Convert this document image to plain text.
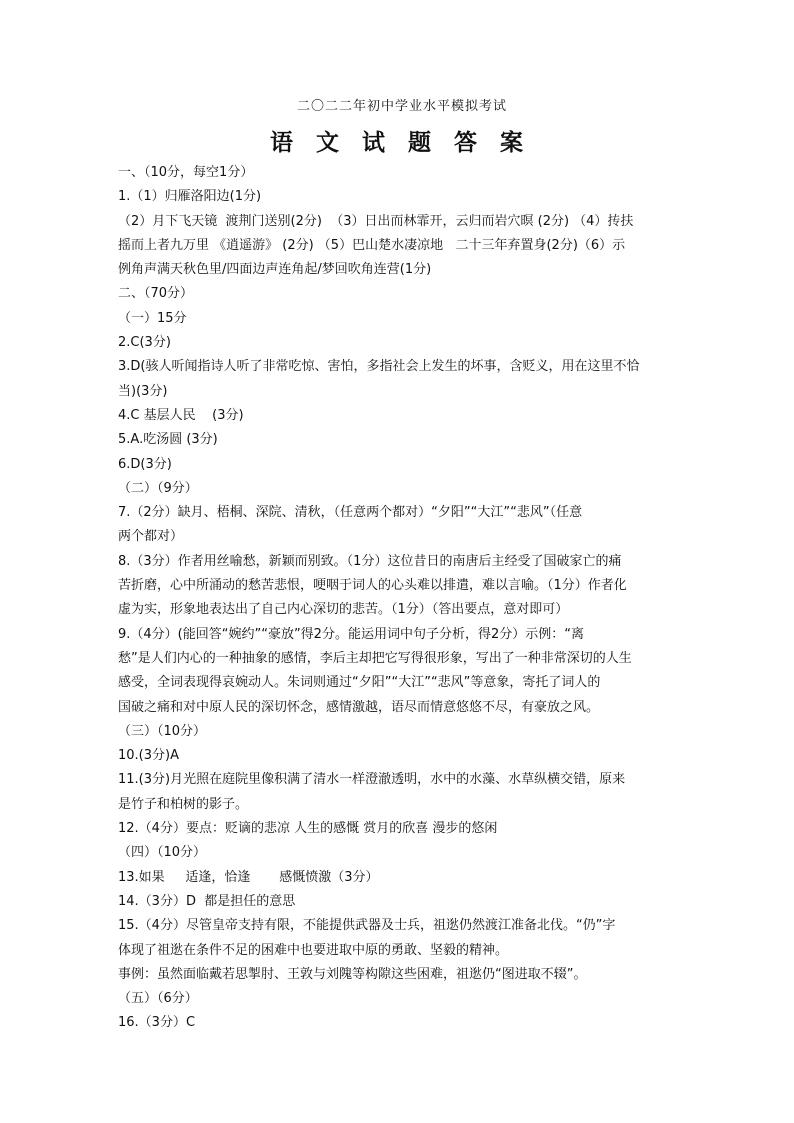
二〇二二年初中学业水平模拟考试
语文试题答案
一、（10分，每空1分）
1.（1）归雁洛阳边(1分)
（2）月下飞天镜  渡荆门送别(2分)  （3）日出而林霏开，云归而岩穴暝 (2分) （4）抟扶
摇而上者九万里 《逍遥游》 (2分) （5）巴山楚水凄凉地   二十三年弃置身(2分)（6）示
例角声满天秋色里/四面边声连角起/梦回吹角连营(1分)
二、（70分）
（一）15分
2.C(3分)
3.D(骇人听闻指诗人听了非常吃惊、害怕，多指社会上发生的坏事，含贬义，用在这里不恰
当)(3分)
4.C 基层人民    (3分)
5.A.吃汤圆 (3分)
6.D(3分)
（二）（9分）
7.（2分）缺月、梧桐、深院、清秋，（任意两个都对）“夕阳”“大江”“悲风”（任意
两个都对）
8.（3分）作者用丝喻愁，新颖而别致。（1分）这位昔日的南唐后主经受了国破家亡的痛
苦折磨，心中所涌动的愁苦悲恨，哽咽于词人的心头难以排遣，难以言喻。（1分）作者化
虚为实，形象地表达出了自己内心深切的悲苦。（1分）（答出要点，意对即可）
9.（4分）(能回答“婉约”“豪放”得2分。能运用词中句子分析，得2分）示例：“离
愁”是人们内心的一种抽象的感情，李后主却把它写得很形象，写出了一种非常深切的人生
感受，全词表现得哀婉动人。朱词则通过“夕阳”“大江”“悲风”等意象，寄托了词人的
国破之痛和对中原人民的深切怀念，感情激越，语尽而情意悠悠不尽，有豪放之风。
（三）（10分）
10.(3分)A
11.(3分)月光照在庭院里像积满了清水一样澄澈透明，水中的水藻、水草纵横交错，原来
是竹子和柏树的影子。
12.（4分）要点：贬谪的悲凉 人生的感慨 赏月的欣喜 漫步的悠闲
（四）（10分）
13.如果     适逢，恰逢       感慨愤激（3分）
14.（3分）D  都是担任的意思
15.（4分）尽管皇帝支持有限，不能提供武器及士兵，祖逖仍然渡江准备北伐。“仍”字
体现了祖逖在条件不足的困难中也要进取中原的勇敢、坚毅的精神。
事例：虽然面临戴若思掣肘、王敦与刘隗等构隙这些困难，祖逖仍“图进取不辍”。
（五）（6分）
16.（3分）C
